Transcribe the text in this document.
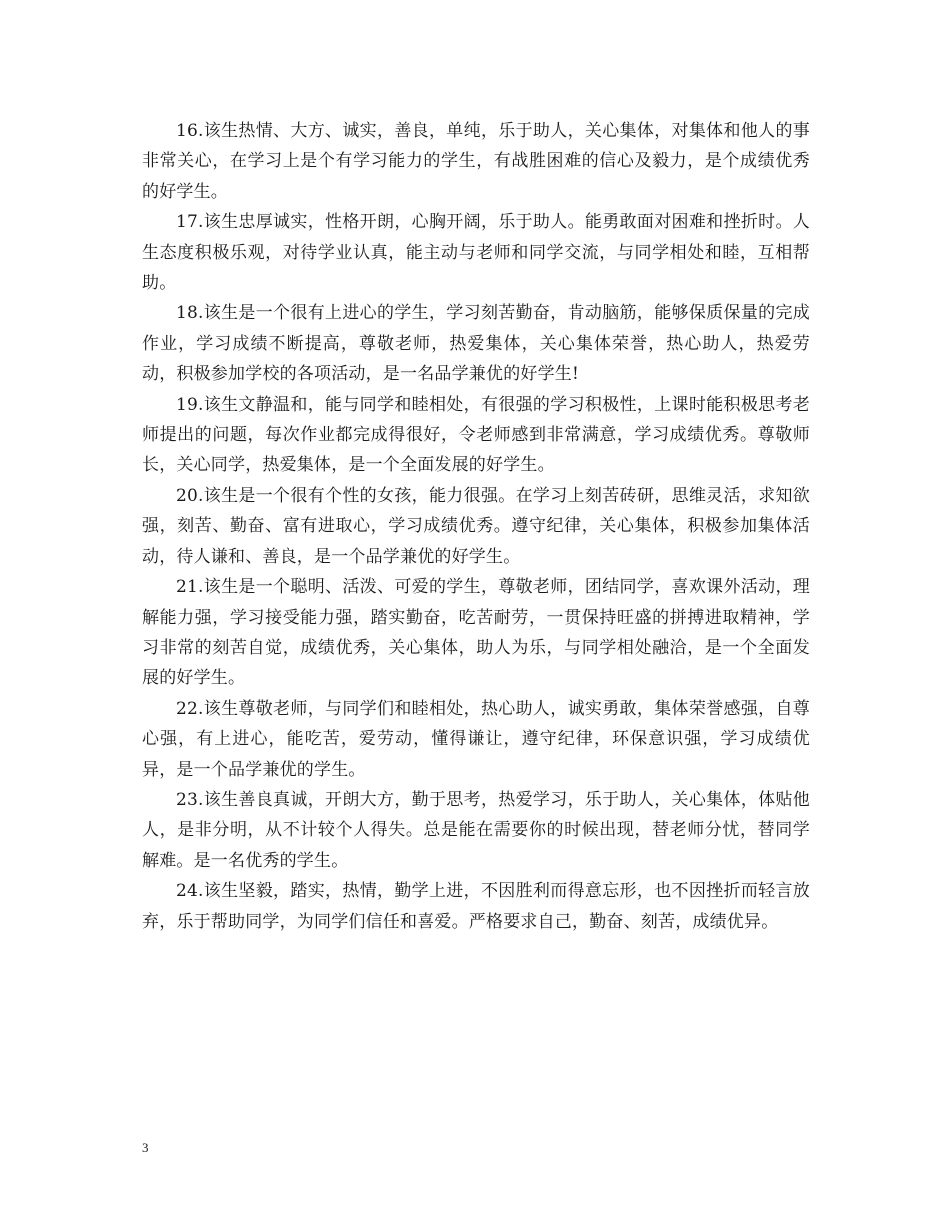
16.该生热情、大方、诚实，善良，单纯，乐于助人，关心集体，对集体和他人的事非常关心，在学习上是个有学习能力的学生，有战胜困难的信心及毅力，是个成绩优秀的好学生。

17.该生忠厚诚实，性格开朗，心胸开阔，乐于助人。能勇敢面对困难和挫折时。人生态度积极乐观，对待学业认真，能主动与老师和同学交流，与同学相处和睦，互相帮助。

18.该生是一个很有上进心的学生，学习刻苦勤奋，肯动脑筋，能够保质保量的完成作业，学习成绩不断提高，尊敬老师，热爱集体，关心集体荣誉，热心助人，热爱劳动，积极参加学校的各项活动，是一名品学兼优的好学生!

19.该生文静温和，能与同学和睦相处，有很强的学习积极性，上课时能积极思考老师提出的问题，每次作业都完成得很好，令老师感到非常满意，学习成绩优秀。尊敬师长，关心同学，热爱集体，是一个全面发展的好学生。

20.该生是一个很有个性的女孩，能力很强。在学习上刻苦砖研，思维灵活，求知欲强，刻苦、勤奋、富有进取心，学习成绩优秀。遵守纪律，关心集体，积极参加集体活动，待人谦和、善良，是一个品学兼优的好学生。

21.该生是一个聪明、活泼、可爱的学生，尊敬老师，团结同学，喜欢课外活动，理解能力强，学习接受能力强，踏实勤奋，吃苦耐劳，一贯保持旺盛的拼搏进取精神，学习非常的刻苦自觉，成绩优秀，关心集体，助人为乐，与同学相处融洽，是一个全面发展的好学生。

22.该生尊敬老师，与同学们和睦相处，热心助人，诚实勇敢，集体荣誉感强，自尊心强，有上进心，能吃苦，爱劳动，懂得谦让，遵守纪律，环保意识强，学习成绩优异，是一个品学兼优的学生。

23.该生善良真诚，开朗大方，勤于思考，热爱学习，乐于助人，关心集体，体贴他人，是非分明，从不计较个人得失。总是能在需要你的时候出现，替老师分忧，替同学解难。是一名优秀的学生。

24.该生坚毅，踏实，热情，勤学上进，不因胜利而得意忘形，也不因挫折而轻言放弃，乐于帮助同学，为同学们信任和喜爱。严格要求自己，勤奋、刻苦，成绩优异。

3
